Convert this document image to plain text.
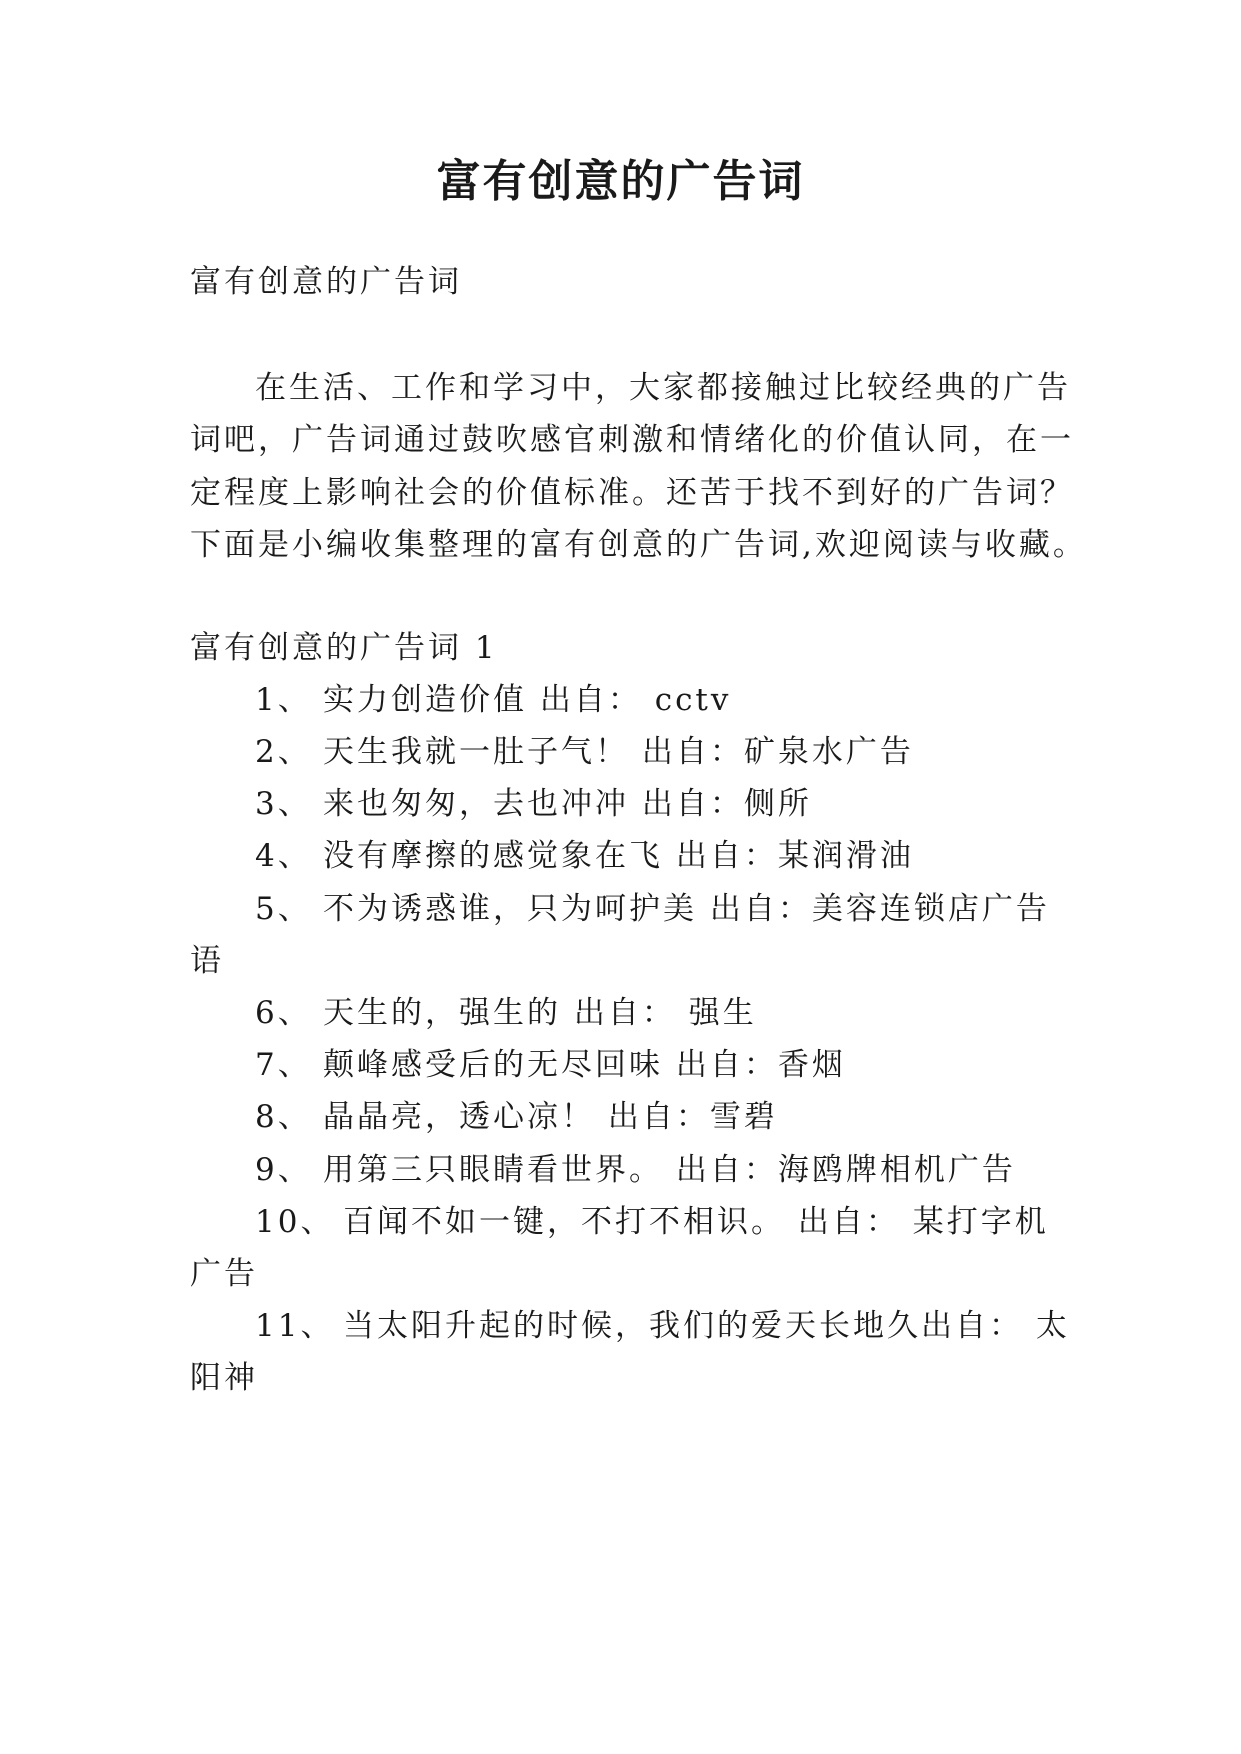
富有创意的广告词
富有创意的广告词
在生活、工作和学习中，大家都接触过比较经典的广告
词吧，广告词通过鼓吹感官刺激和情绪化的价值认同，在一
定程度上影响社会的价值标准。还苦于找不到好的广告词？
下面是小编收集整理的富有创意的广告词,欢迎阅读与收藏。
富有创意的广告词 1
1、 实力创造价值 出自： cctv
2、 天生我就一肚子气！ 出自：矿泉水广告
3、 来也匆匆，去也冲冲 出自：侧所
4、 没有摩擦的感觉象在飞 出自：某润滑油
5、 不为诱惑谁，只为呵护美 出自：美容连锁店广告
语
6、 天生的，强生的 出自： 强生
7、 颠峰感受后的无尽回味 出自：香烟
8、 晶晶亮，透心凉！ 出自：雪碧
9、 用第三只眼睛看世界。 出自：海鸥牌相机广告
10、 百闻不如一键，不打不相识。 出自： 某打字机
广告
11、 当太阳升起的时候，我们的爱天长地久出自： 太
阳神
